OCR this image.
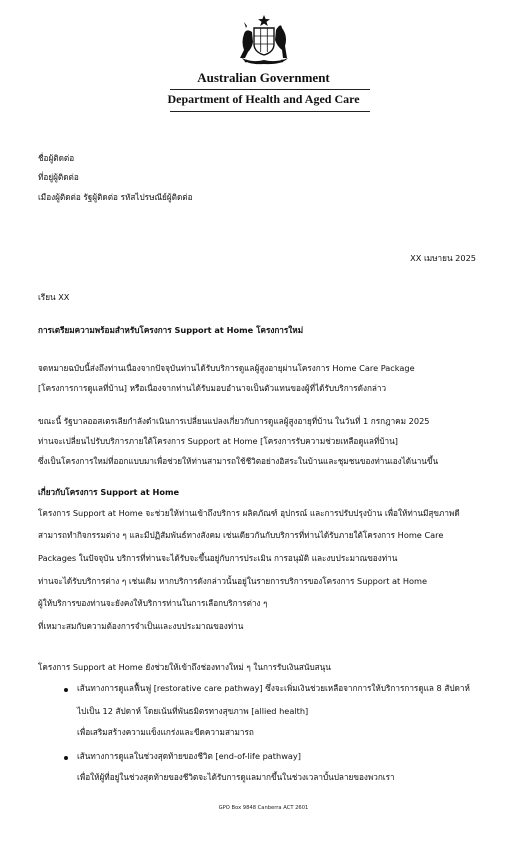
Australian Government
Department of Health and Aged Care
ชื่อผู้ติดต่อ
ที่อยู่ผู้ติดต่อ
เมืองผู้ติดต่อ รัฐผู้ติดต่อ รหัสไปรษณีย์ผู้ติดต่อ
XX เมษายน 2025
เรียน XX
การเตรียมความพร้อมสำหรับโครงการ Support at Home โครงการใหม่
จดหมายฉบับนี้ส่งถึงท่านเนื่องจากปัจจุบันท่านได้รับบริการดูแลผู้สูงอายุผ่านโครงการ Home Care Package
[โครงการการดูแลที่บ้าน] หรือเนื่องจากท่านได้รับมอบอำนาจเป็นตัวแทนของผู้ที่ได้รับบริการดังกล่าว
ขณะนี้ รัฐบาลออสเตรเลียกำลังดำเนินการเปลี่ยนแปลงเกี่ยวกับการดูแลผู้สูงอายุที่บ้าน ในวันที่ 1 กรกฎาคม 2025
ท่านจะเปลี่ยนไปรับบริการภายใต้โครงการ Support at Home [โครงการรับความช่วยเหลือดูแลที่บ้าน]
ซึ่งเป็นโครงการใหม่ที่ออกแบบมาเพื่อช่วยให้ท่านสามารถใช้ชีวิตอย่างอิสระในบ้านและชุมชนของท่านเองได้นานขึ้น
เกี่ยวกับโครงการ Support at Home
โครงการ Support at Home จะช่วยให้ท่านเข้าถึงบริการ ผลิตภัณฑ์ อุปกรณ์ และการปรับปรุงบ้าน เพื่อให้ท่านมีสุขภาพดี
สามารถทำกิจกรรมต่าง ๆ และมีปฏิสัมพันธ์ทางสังคม เช่นเดียวกันกับบริการที่ท่านได้รับภายใต้โครงการ Home Care
Packages ในปัจจุบัน บริการที่ท่านจะได้รับจะขึ้นอยู่กับการประเมิน การอนุมัติ และงบประมาณของท่าน
ท่านจะได้รับบริการต่าง ๆ เช่นเดิม หากบริการดังกล่าวนั้นอยู่ในรายการบริการของโครงการ Support at Home
ผู้ให้บริการของท่านจะยังคงให้บริการท่านในการเลือกบริการต่าง ๆ
ที่เหมาะสมกับความต้องการจำเป็นและงบประมาณของท่าน
โครงการ Support at Home ยังช่วยให้เข้าถึงช่องทางใหม่ ๆ ในการรับเงินสนับสนุน
เส้นทางการดูแลฟื้นฟู [restorative care pathway] ซึ่งจะเพิ่มเงินช่วยเหลือจากการให้บริการการดูแล 8 สัปดาห์
ไปเป็น 12 สัปดาห์ โดยเน้นที่พันธมิตรทางสุขภาพ [allied health]
เพื่อเสริมสร้างความแข็งแกร่งและขีดความสามารถ
เส้นทางการดูแลในช่วงสุดท้ายของชีวิต [end-of-life pathway]
เพื่อให้ผู้ที่อยู่ในช่วงสุดท้ายของชีวิตจะได้รับการดูแลมากขึ้นในช่วงเวลาบั้นปลายของพวกเรา
GPO Box 9848 Canberra ACT 2601
